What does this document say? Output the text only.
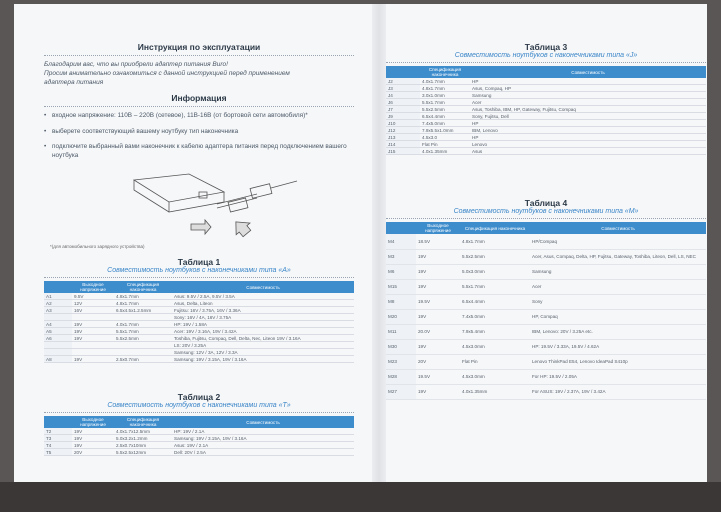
Инструкция по эксплуатации
Благодарим вас, что вы приобрели адаптер питания Buro!
Просим внимательно ознакомиться с данной инструкцией перед применением
адаптера питания
Информация
• входное напряжение: 110В – 220В (сетевое), 11В-16В (от бортовой сети автомобиля)*
• выберете соответствующий вашему ноутбуку тип наконечника
• подключите выбранный вами наконечник к кабелю адаптера питания перед подключением вашего ноутбука
*(для автомобильного зарядного устройства)
Таблица 1
Совместимость ноутбуков с наконечниками типа «А»
	Выходное напряжение	Спецификация наконечника	Совместимость
A1	9.5V	4.8x1.7mm	Asus: 9.5V / 2.5A, 9.5V / 3.5A
A2	12V	4.8x1.7mm	Asus, Delta, Liteon
A3	16V	6.5x4.5x1.2.5mm	Fujitsu: 16V / 3.75A, 16V / 3.36A
			Sony: 16V / 4A, 16V / 3.75A
A4	19V	4.0x1.7mm	HP: 19V / 1.58A
A5	19V	5.5x1.7mm	Acer: 19V / 3.16A, 19V / 3.42A
A6	19V	5.5x2.5mm	Toshiba, Fujitsu, Compaq, Dell, Delta, Nec, Liteon 19V / 3.16A
			LS: 20V / 3.25A
			Samsung: 12V / 3A, 12V / 3.3A
A8	19V	2.5x0.7mm	Samsung: 19V / 3.15A, 19V / 3.16A
Таблица 2
Совместимость ноутбуков с наконечниками типа «Т»
	Выходное напряжение	Спецификация наконечника	Совместимость
T2	19V	4.0x1.7x12.5mm	HP: 19V / 2.1A
T3	19V	5.0x3.2x1.2mm	Samsung: 19V / 3.15A, 19V / 3.16A
T4	19V	2.5x0.7x10mm	Asus: 19V / 2.1A
T5	20V	5.5x2.5x12mm	Dell: 20V / 2.5A
Таблица 3
Совместимость ноутбуков с наконечниками типа «J»
	Спецификация наконечника	Совместимость
J2	4.0x1.7mm	HP
J3	4.8x1.7mm	Asus, Compaq, HP
J4	3.0x1.0mm	Samsung
J6	5.5x1.7mm	Acer
J7	5.5x2.5mm	Asus, Toshiba, IBM, HP, Gateway, Fujitsu, Compaq
J9	6.5x4.4mm	Sony, Fujitsu, Dell
J10	7.4x5.0mm	HP
J12	7.9x5.5x1.0mm	IBM, Lenovo
J13	4.5x3.0	HP
J14	Flat Pin	Lenovo
J15	4.0x1.35mm	Asus
Таблица 4
Совместимость ноутбуков с наконечниками типа «M»
	Выходное напряжение	Спецификация наконечника	Совместимость
M4	18.5V	4.8x1.7mm	HP/Compaq
M3	19V	5.5x2.5mm	Acer, Asus, Compaq, Delta, HP, Fujitsu, Gateway, Toshiba, Liteon, Dell, LS, NEC
M6	19V	5.0x3.0mm	Samsung
M15	19V	5.5x1.7mm	Acer
M8	19.5V	6.5x4.4mm	Sony
M20	19V	7.4x5.0mm	HP, Compaq
M11	20.0V	7.9x5.4mm	IBM, Lenovo: 20V / 3.25A etc.
M30	19V	4.5x3.0mm	HP: 19.5V / 3.33A, 19.5V / 4.62A
M23	20V	Flat Pin	Lenovo ThinkPad E54, Lenovo IdeaPad S410p
M28	19.5V	4.5x3.0mm	For HP: 19.5V / 2.05A
M27	19V	4.0x1.35mm	For ASUS: 19V / 2.37A, 19V / 3.42A
